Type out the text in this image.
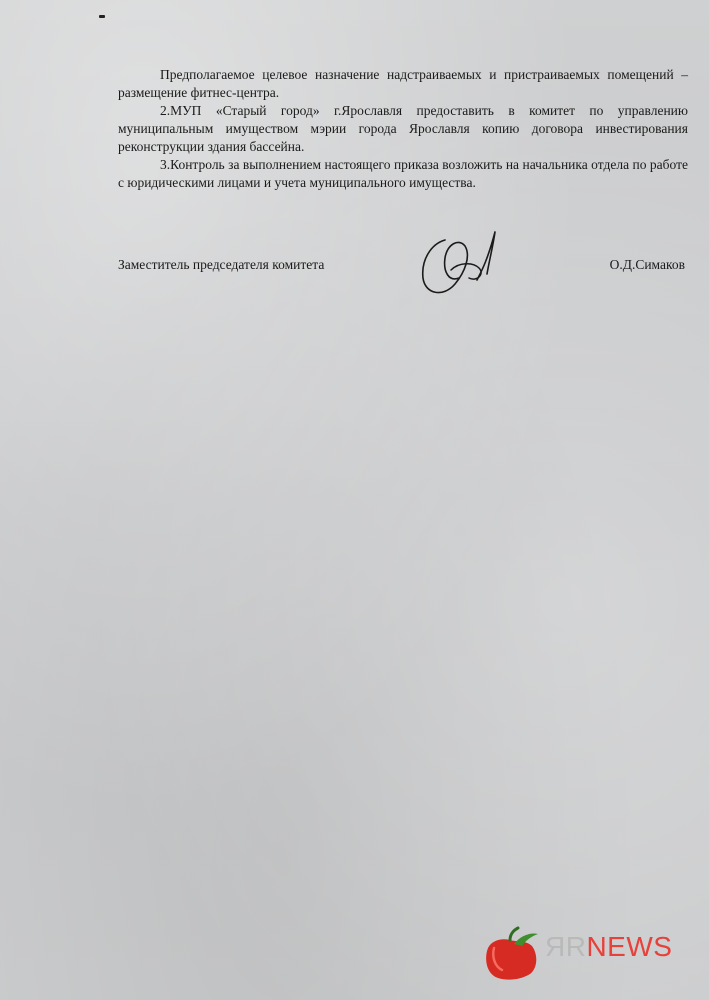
Предполагаемое целевое назначение надстраиваемых и пристраиваемых помещений – размещение фитнес-центра.

2.МУП «Старый город» г.Ярославля предоставить в комитет по управлению муниципальным имуществом мэрии города Ярославля копию договора инвестирования реконструкции здания бассейна.

3.Контроль за выполнением настоящего приказа возложить на начальника отдела по работе с юридическими лицами и учета муниципального имущества.

Заместитель председателя комитета	О.Д.Симаков
ЯRNEWS
